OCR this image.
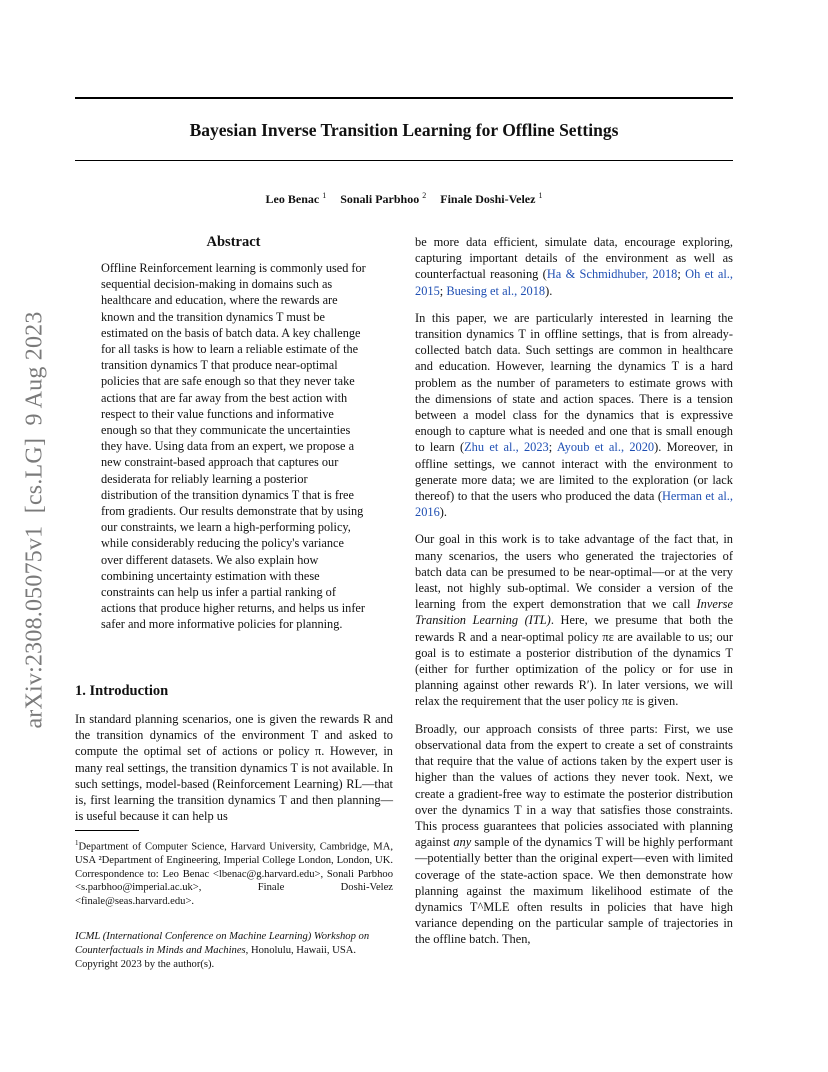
Bayesian Inverse Transition Learning for Offline Settings
Leo Benac $^1$ Sonali Parbhoo $^2$ Finale Doshi-Velez $^1$
arXiv:2308.05075v1  [cs.LG]  9 Aug 2023
Abstract
Offline Reinforcement learning is commonly used for sequential decision-making in domains such as healthcare and education, where the rewards are known and the transition dynamics T must be estimated on the basis of batch data. A key challenge for all tasks is how to learn a reliable estimate of the transition dynamics T that produce near-optimal policies that are safe enough so that they never take actions that are far away from the best action with respect to their value functions and informative enough so that they communicate the uncertainties they have. Using data from an expert, we propose a new constraint-based approach that captures our desiderata for reliably learning a posterior distribution of the transition dynamics T that is free from gradients. Our results demonstrate that by using our constraints, we learn a high-performing policy, while considerably reducing the policy's variance over different datasets. We also explain how combining uncertainty estimation with these constraints can help us infer a partial ranking of actions that produce higher returns, and helps us infer safer and more informative policies for planning.
1. Introduction

In standard planning scenarios, one is given the rewards R and the transition dynamics of the environment T and asked to compute the optimal set of actions or policy π. However, in many real settings, the transition dynamics T is not available. In such settings, model-based (Reinforcement Learning) RL—that is, first learning the transition dynamics T and then planning—is useful because it can help us

$^1$Department of Computer Science, Harvard University, Cambridge, MA, USA ²Department of Engineering, Imperial College London, London, UK. Correspondence to: Leo Benac <lbenac@g.harvard.edu>, Sonali Parbhoo <s.parbhoo@imperial.ac.uk>, Finale Doshi-Velez <finale@seas.harvard.edu>.
ICML (International Conference on Machine Learning) Workshop on Counterfactuals in Minds and Machines, Honolulu, Hawaii, USA. Copyright 2023 by the author(s).

be more data efficient, simulate data, encourage exploring, capturing important details of the environment as well as counterfactual reasoning (Ha & Schmidhuber, 2018; Oh et al., 2015; Buesing et al., 2018).

In this paper, we are particularly interested in learning the transition dynamics T in offline settings, that is from already-collected batch data. Such settings are common in healthcare and education. However, learning the dynamics T is a hard problem as the number of parameters to estimate grows with the dimensions of state and action spaces. There is a tension between a model class for the dynamics that is expressive enough to capture what is needed and one that is small enough to learn (Zhu et al., 2023; Ayoub et al., 2020). Moreover, in offline settings, we cannot interact with the environment to generate more data; we are limited to the exploration (or lack thereof) to that the users who produced the data (Herman et al., 2016).

Our goal in this work is to take advantage of the fact that, in many scenarios, the users who generated the trajectories of batch data can be presumed to be near-optimal—or at the very least, not highly sub-optimal. We consider a version of the learning from the expert demonstration that we call Inverse Transition Learning (ITL). Here, we presume that both the rewards R and a near-optimal policy πε are available to us; our goal is to estimate a posterior distribution of the dynamics T (either for further optimization of the policy or for use in planning against other rewards R′). In later versions, we will relax the requirement that the user policy πε is given.

Broadly, our approach consists of three parts: First, we use observational data from the expert to create a set of constraints that require that the value of actions taken by the expert user is higher than the values of actions they never took. Next, we create a gradient-free way to estimate the posterior distribution over the dynamics T in a way that satisfies those constraints. This process guarantees that policies associated with planning against any sample of the dynamics T will be highly performant—potentially better than the original expert—even with limited coverage of the state-action space. We then demonstrate how planning against the maximum likelihood estimate of the dynamics T^MLE often results in policies that have high variance depending on the particular sample of trajectories in the offline batch. Then,
